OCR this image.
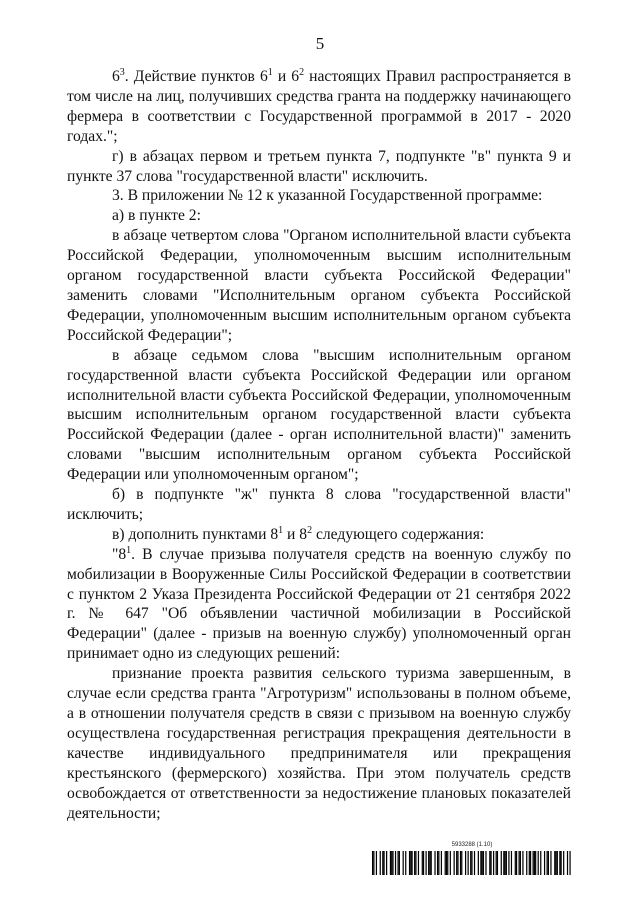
5

$6^3$. Действие пунктов $6^1$ и $6^2$ настоящих Правил распространяется в том числе на лиц, получивших средства гранта на поддержку начинающего фермера в соответствии с Государственной программой в 2017 - 2020 годах.";

г) в абзацах первом и третьем пункта 7, подпункте "в" пункта 9 и пункте 37 слова "государственной власти" исключить.

3. В приложении № 12 к указанной Государственной программе:

а) в пункте 2:

в абзаце четвертом слова "Органом исполнительной власти субъекта Российской Федерации, уполномоченным высшим исполнительным органом государственной власти субъекта Российской Федерации" заменить словами "Исполнительным органом субъекта Российской Федерации, уполномоченным высшим исполнительным органом субъекта Российской Федерации";

в абзаце седьмом слова "высшим исполнительным органом государственной власти субъекта Российской Федерации или органом исполнительной власти субъекта Российской Федерации, уполномоченным высшим исполнительным органом государственной власти субъекта Российской Федерации (далее - орган исполнительной власти)" заменить словами "высшим исполнительным органом субъекта Российской Федерации или уполномоченным органом";

б) в подпункте "ж" пункта 8 слова "государственной власти" исключить;

в) дополнить пунктами $8^1$ и $8^2$ следующего содержания:

"$8^1$. В случае призыва получателя средств на военную службу по мобилизации в Вооруженные Силы Российской Федерации в соответствии с пунктом 2 Указа Президента Российской Федерации от 21 сентября 2022 г. № 647 "Об объявлении частичной мобилизации в Российской Федерации" (далее - призыв на военную службу) уполномоченный орган принимает одно из следующих решений:

признание проекта развития сельского туризма завершенным, в случае если средства гранта "Агротуризм" использованы в полном объеме, а в отношении получателя средств в связи с призывом на военную службу осуществлена государственная регистрация прекращения деятельности в качестве индивидуального предпринимателя или прекращения крестьянского (фермерского) хозяйства. При этом получатель средств освобождается от ответственности за недостижение плановых показателей деятельности;

5933288 (1.10)
